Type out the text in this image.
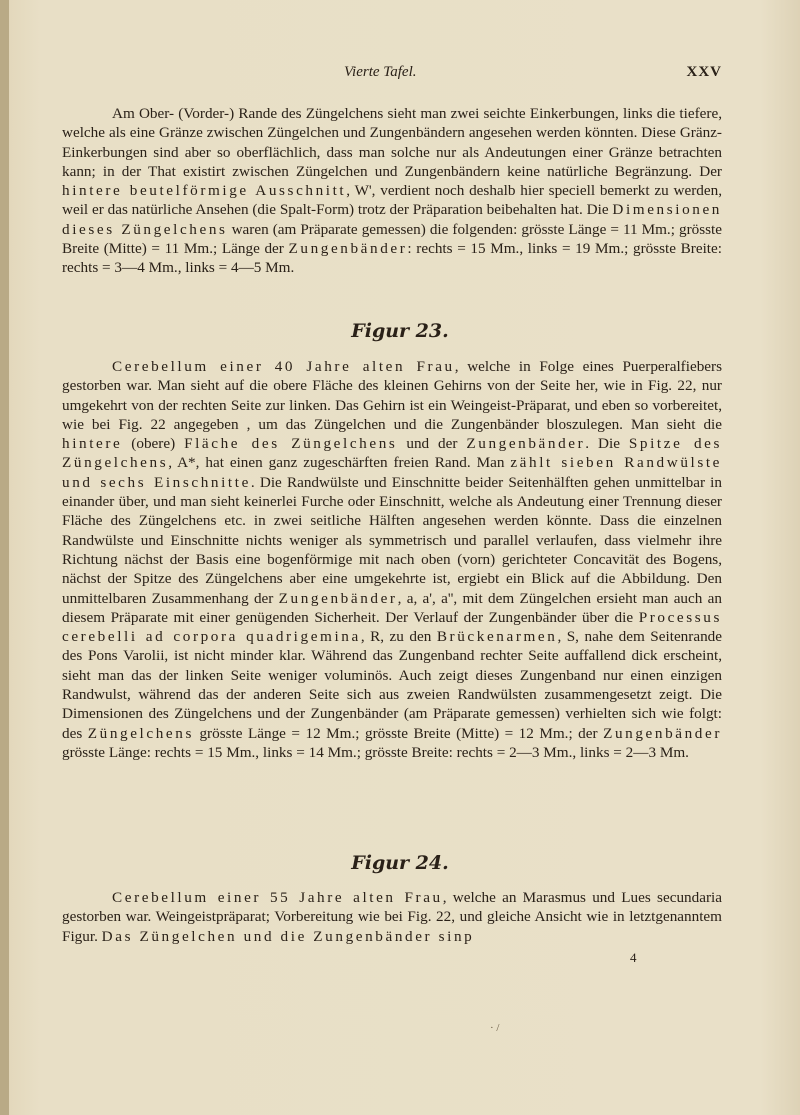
Vierte Tafel.	XXV

Am Ober- (Vorder-) Rande des Züngelchens sieht man zwei seichte Einkerbungen, links die tiefere, welche als eine Gränze zwischen Züngelchen und Zungenbändern angesehen werden könnten. Diese Gränz-Einkerbungen sind aber so oberflächlich, dass man solche nur als Andeutungen einer Gränze betrachten kann; in der That existirt zwischen Züngelchen und Zungenbändern keine natürliche Begränzung. Der hintere beutelförmige Ausschnitt, W', verdient noch deshalb hier speciell bemerkt zu werden, weil er das natürliche Ansehen (die Spalt-Form) trotz der Präparation beibehalten hat. Die Dimensionen dieses Züngelchens waren (am Präparate gemessen) die folgenden: grösste Länge = 11 Mm.; grösste Breite (Mitte) = 11 Mm.; Länge der Zungenbänder: rechts = 15 Mm., links = 19 Mm.; grösste Breite: rechts = 3—4 Mm., links = 4—5 Mm.

Figur 23.

Cerebellum einer 40 Jahre alten Frau, welche in Folge eines Puerperalfiebers gestorben war. Man sieht auf die obere Fläche des kleinen Gehirns von der Seite her, wie in Fig. 22, nur umgekehrt von der rechten Seite zur linken. Das Gehirn ist ein Weingeist-Präparat, und eben so vorbereitet, wie bei Fig. 22 angegeben , um das Züngelchen und die Zungenbänder bloszulegen. Man sieht die hintere (obere) Fläche des Züngelchens und der Zungenbänder. Die Spitze des Züngelchens, A*, hat einen ganz zugeschärften freien Rand. Man zählt sieben Randwülste und sechs Einschnitte. Die Randwülste und Einschnitte beider Seitenhälften gehen unmittelbar in einander über, und man sieht keinerlei Furche oder Einschnitt, welche als Andeutung einer Trennung dieser Fläche des Züngelchens etc. in zwei seitliche Hälften angesehen werden könnte. Dass die einzelnen Randwülste und Einschnitte nichts weniger als symmetrisch und parallel verlaufen, dass vielmehr ihre Richtung nächst der Basis eine bogenförmige mit nach oben (vorn) gerichteter Concavität des Bogens, nächst der Spitze des Züngelchens aber eine umgekehrte ist, ergiebt ein Blick auf die Abbildung. Den unmittelbaren Zusammenhang der Zungenbänder, a, a', a'', mit dem Züngelchen ersieht man auch an diesem Präparate mit einer genügenden Sicherheit. Der Verlauf der Zungenbänder über die Processus cerebelli ad corpora quadrigemina, R, zu den Brückenarmen, S, nahe dem Seitenrande des Pons Varolii, ist nicht minder klar. Während das Zungenband rechter Seite auffallend dick erscheint, sieht man das der linken Seite weniger voluminös. Auch zeigt dieses Zungenband nur einen einzigen Randwulst, während das der anderen Seite sich aus zweien Randwülsten zusammengesetzt zeigt. Die Dimensionen des Züngelchens und der Zungenbänder (am Präparate gemessen) verhielten sich wie folgt: des Züngelchens grösste Länge = 12 Mm.; grösste Breite (Mitte) = 12 Mm.; der Zungenbänder grösste Länge: rechts = 15 Mm., links = 14 Mm.; grösste Breite: rechts = 2—3 Mm., links = 2—3 Mm.

Figur 24.

Cerebellum einer 55 Jahre alten Frau, welche an Marasmus und Lues secundaria gestorben war. Weingeistpräparat; Vorbereitung wie bei Fig. 22, und gleiche Ansicht wie in letztgenanntem Figur. Das Züngelchen und die Zungenbänder sinp

4
· /
